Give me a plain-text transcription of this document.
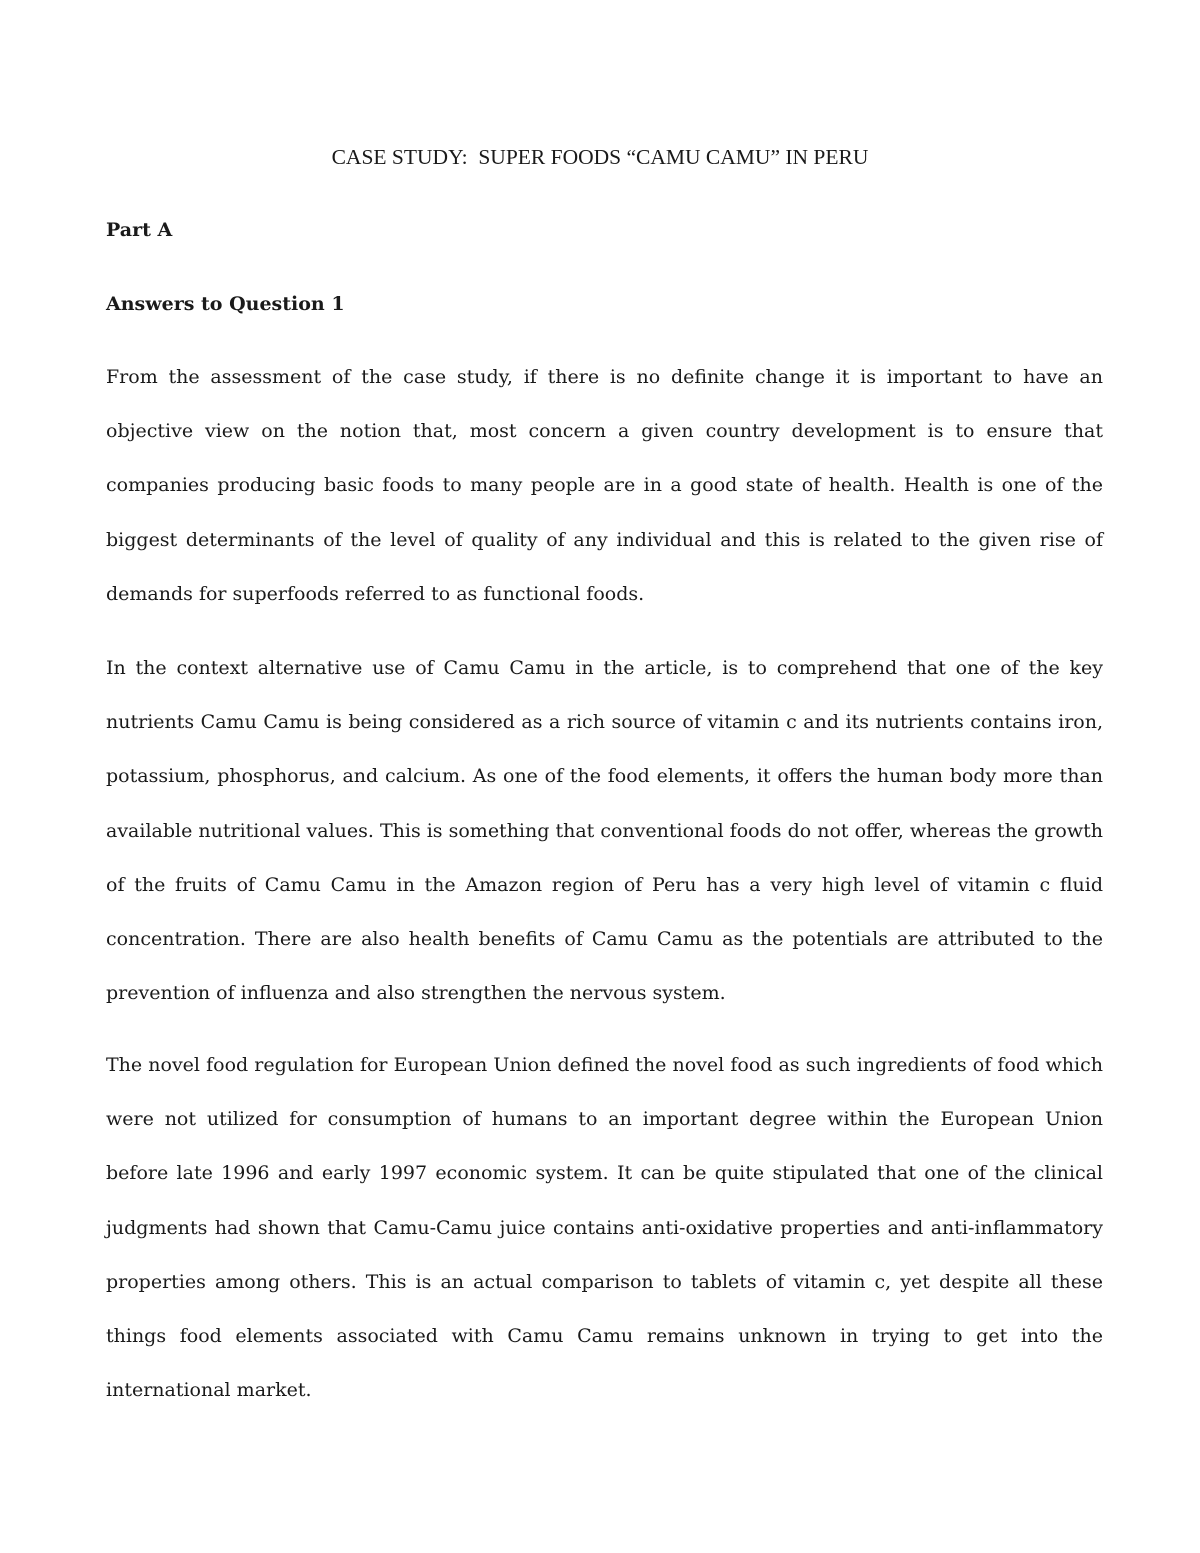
CASE STUDY:  SUPER FOODS “CAMU CAMU” IN PERU
Part A
Answers to Question 1

From the assessment of the case study, if there is no definite change it is important to have an objective view on the notion that, most concern a given country development is to ensure that companies producing basic foods to many people are in a good state of health. Health is one of the biggest determinants of the level of quality of any individual and this is related to the given rise of demands for superfoods referred to as functional foods.

In the context alternative use of Camu Camu in the article, is to comprehend that one of the key nutrients Camu Camu is being considered as a rich source of vitamin c and its nutrients contains iron, potassium, phosphorus, and calcium. As one of the food elements, it offers the human body more than available nutritional values. This is something that conventional foods do not offer, whereas the growth of the fruits of Camu Camu in the Amazon region of Peru has a very high level of vitamin c fluid concentration. There are also health benefits of Camu Camu as the potentials are attributed to the prevention of influenza and also strengthen the nervous system.

The novel food regulation for European Union defined the novel food as such ingredients of food which were not utilized for consumption of humans to an important degree within the European Union before late 1996 and early 1997 economic system. It can be quite stipulated that one of the clinical judgments had shown that Camu-Camu juice contains anti-oxidative properties and anti-inflammatory properties among others. This is an actual comparison to tablets of vitamin c, yet despite all these things food elements associated with Camu Camu remains unknown in trying to get into the international market.
